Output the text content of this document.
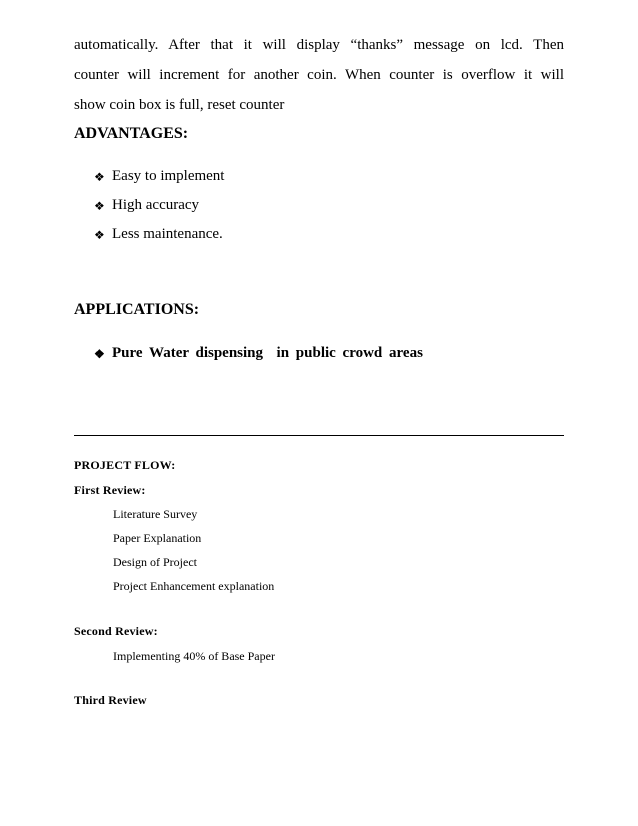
automatically. After that it will display “thanks” message on lcd. Then
counter will increment for another coin. When counter is overflow it will
show coin box is full, reset counter

ADVANTAGES:
❖ Easy to implement
❖ High accuracy
❖ Less maintenance.
APPLICATIONS:
❖ Pure Water dispensing  in public crowd areas
PROJECT FLOW:
First Review:
Literature Survey
Paper Explanation
Design of Project
Project Enhancement explanation
Second Review:
Implementing 40% of Base Paper
Third Review
